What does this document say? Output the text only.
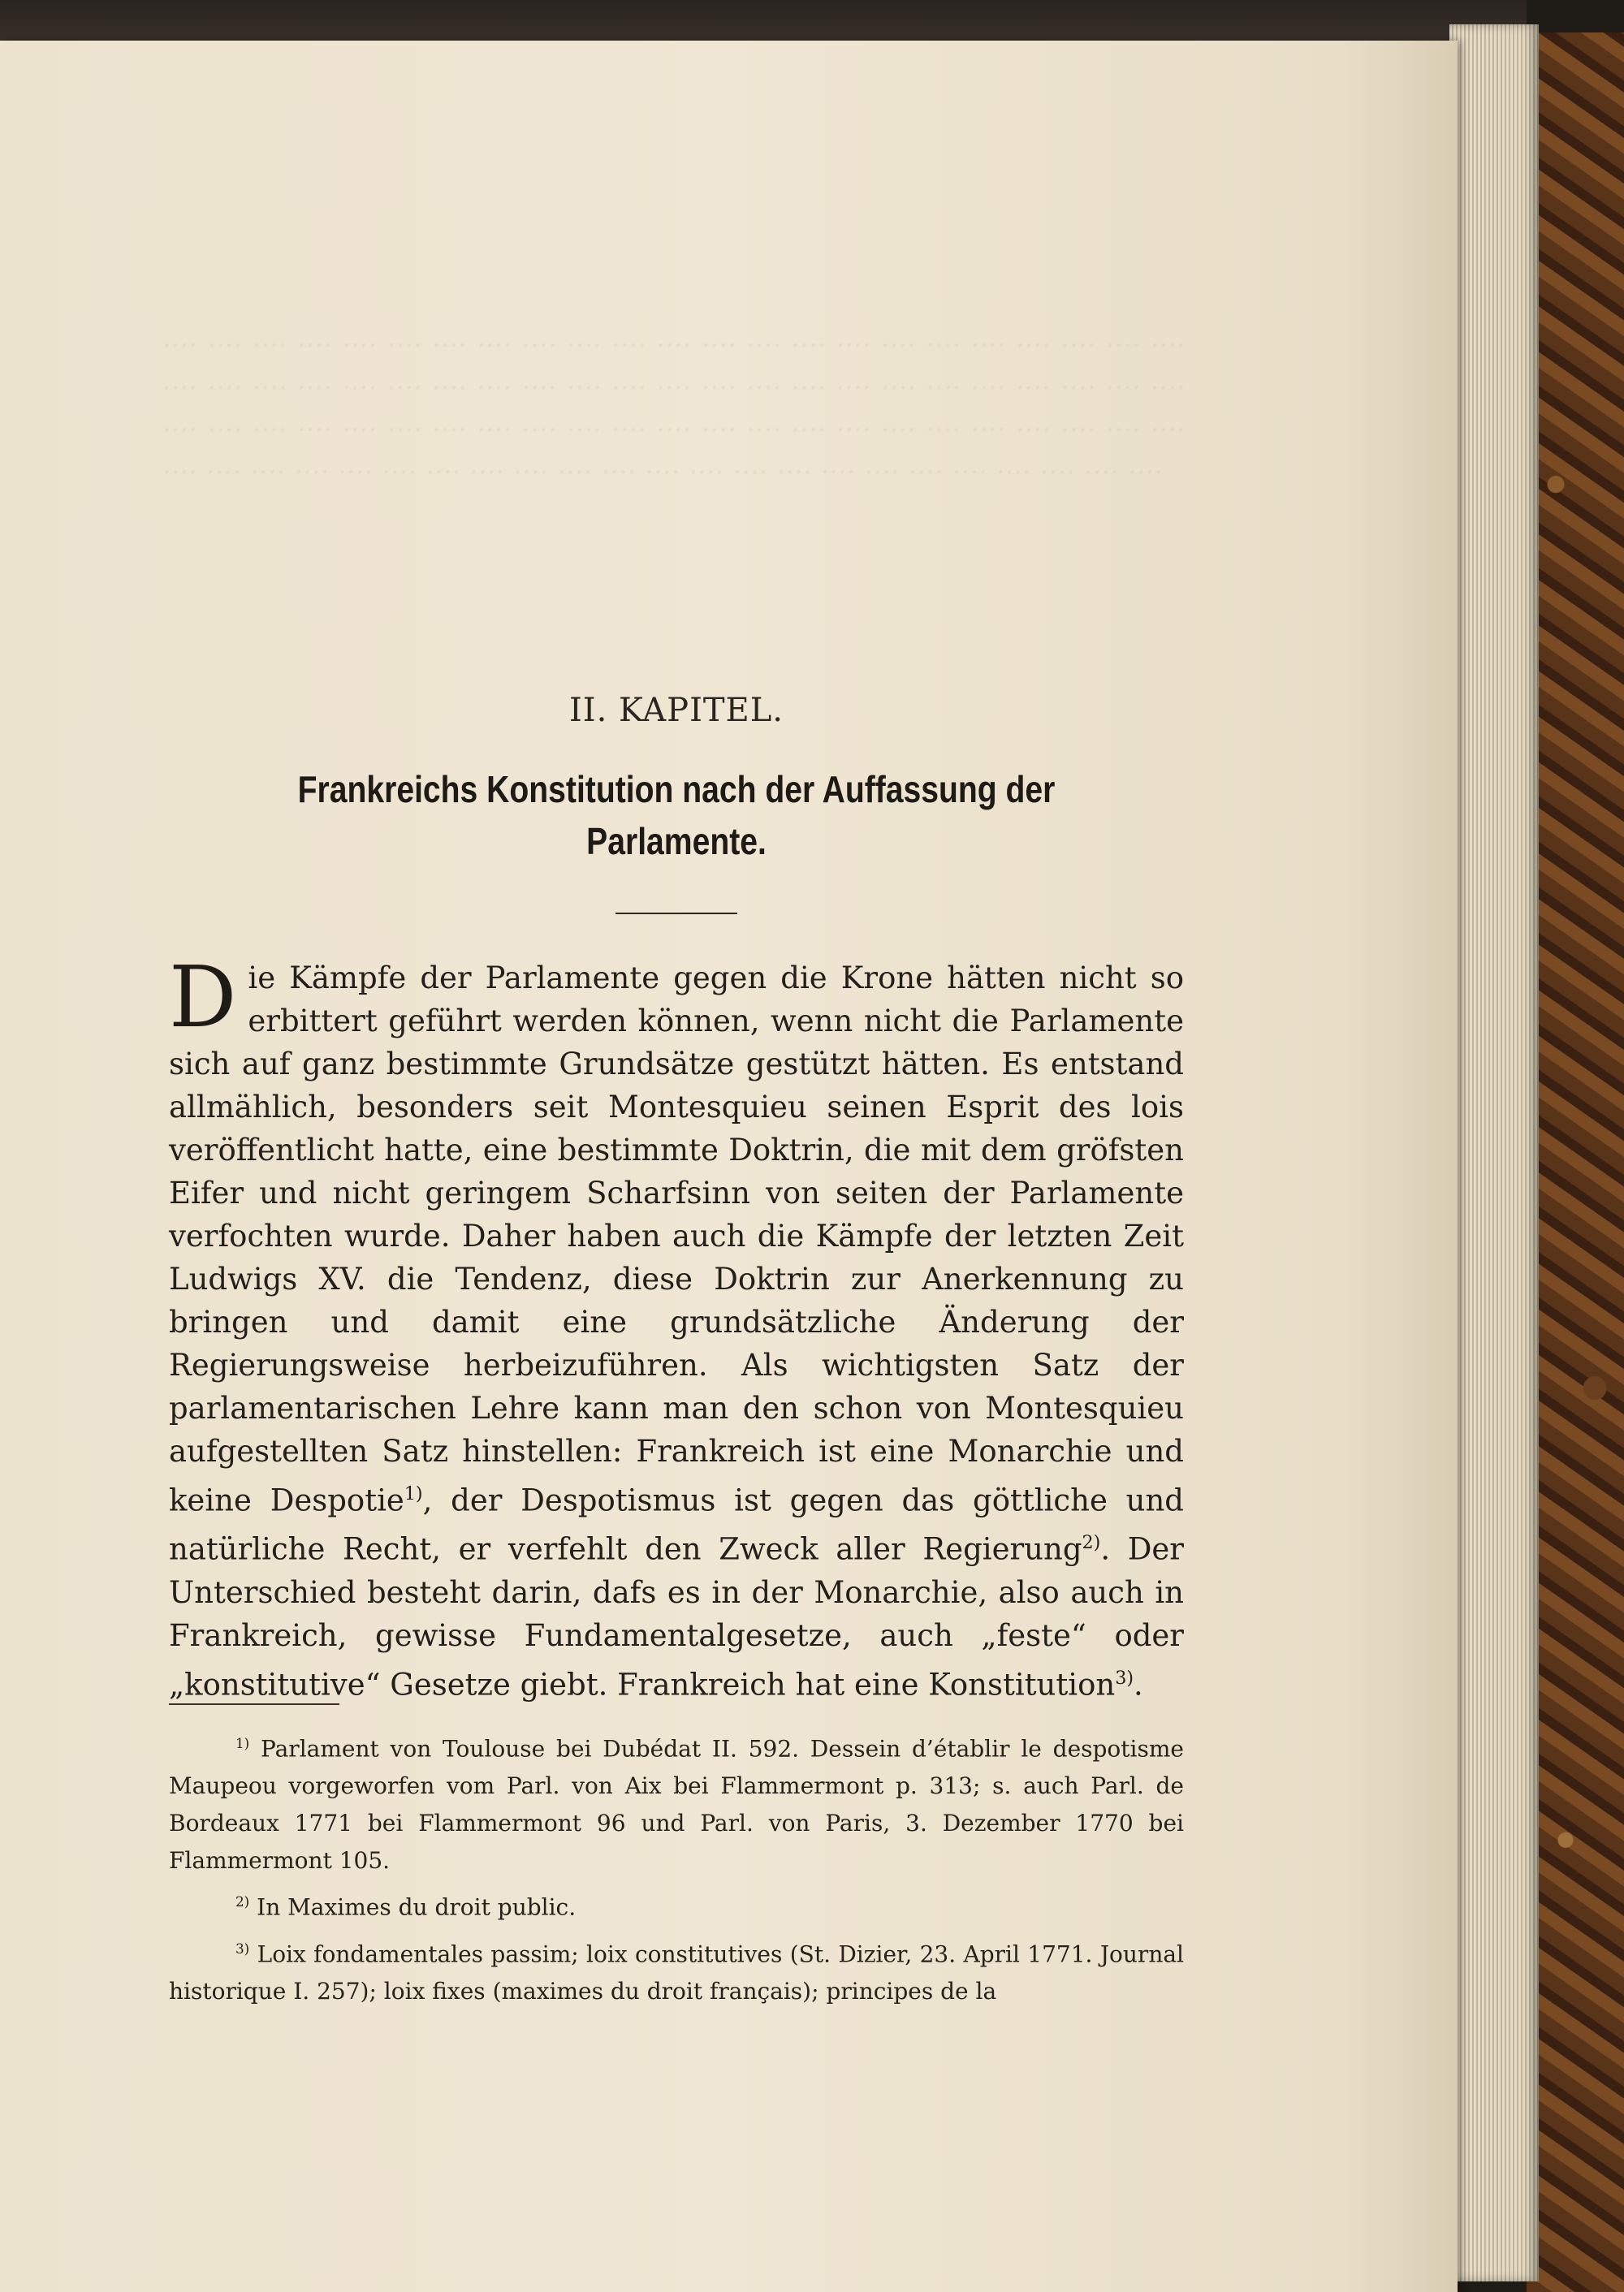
···· ···· ···· ···· ···· ···· ···· ···· ···· ···· ···· ···· ···· ···· ···· ···· ···· ···· ···· ···· ···· ···· ···· ···· ···· ···· ···· ···· ···· ···· ···· ···· ···· ···· ···· ···· ···· ···· ···· ···· ···· ···· ···· ···· ···· ···· ···· ···· ···· ···· ···· ···· ···· ···· ···· ···· ···· ···· ···· ···· ···· ···· ···· ···· ···· ···· ···· ···· ···· ···· ···· ···· ···· ···· ···· ···· ···· ···· ···· ···· ···· ···· ···· ···· ···· ···· ···· ···· ···· ···· ···· ····
II. KAPITEL.
Frankreichs Konstitution nach der Auffassung der Parlamente.
Die Kämpfe der Parlamente gegen die Krone hätten nicht so erbittert geführt werden können, wenn nicht die Parlamente sich auf ganz bestimmte Grundsätze gestützt hätten. Es entstand allmählich, besonders seit Montesquieu seinen Esprit des lois veröffentlicht hatte, eine bestimmte Doktrin, die mit dem gröfsten Eifer und nicht geringem Scharfsinn von seiten der Parlamente verfochten wurde. Daher haben auch die Kämpfe der letzten Zeit Ludwigs XV. die Tendenz, diese Doktrin zur Anerkennung zu bringen und damit eine grundsätzliche Änderung der Regierungsweise herbeizuführen. Als wichtigsten Satz der parlamentarischen Lehre kann man den schon von Montesquieu aufgestellten Satz hinstellen: Frankreich ist eine Monarchie und keine Despotie$^{1)}$, der Despotismus ist gegen das göttliche und natürliche Recht, er verfehlt den Zweck aller Regierung$^{2)}$. Der Unterschied besteht darin, dafs es in der Monarchie, also auch in Frankreich, gewisse Fundamentalgesetze, auch „feste“ oder „konstitutive“ Gesetze giebt. Frankreich hat eine Konstitution$^{3)}$.

$^{1)}$ Parlament von Toulouse bei Dubédat II. 592. Dessein d’établir le despotisme Maupeou vorgeworfen vom Parl. von Aix bei Flammermont p. 313; s. auch Parl. de Bordeaux 1771 bei Flammermont 96 und Parl. von Paris, 3. Dezember 1770 bei Flammermont 105.

$^{2)}$ In Maximes du droit public.

$^{3)}$ Loix fondamentales passim; loix constitutives (St. Dizier, 23. April 1771. Journal historique I. 257); loix fixes (maximes du droit français); principes de la
